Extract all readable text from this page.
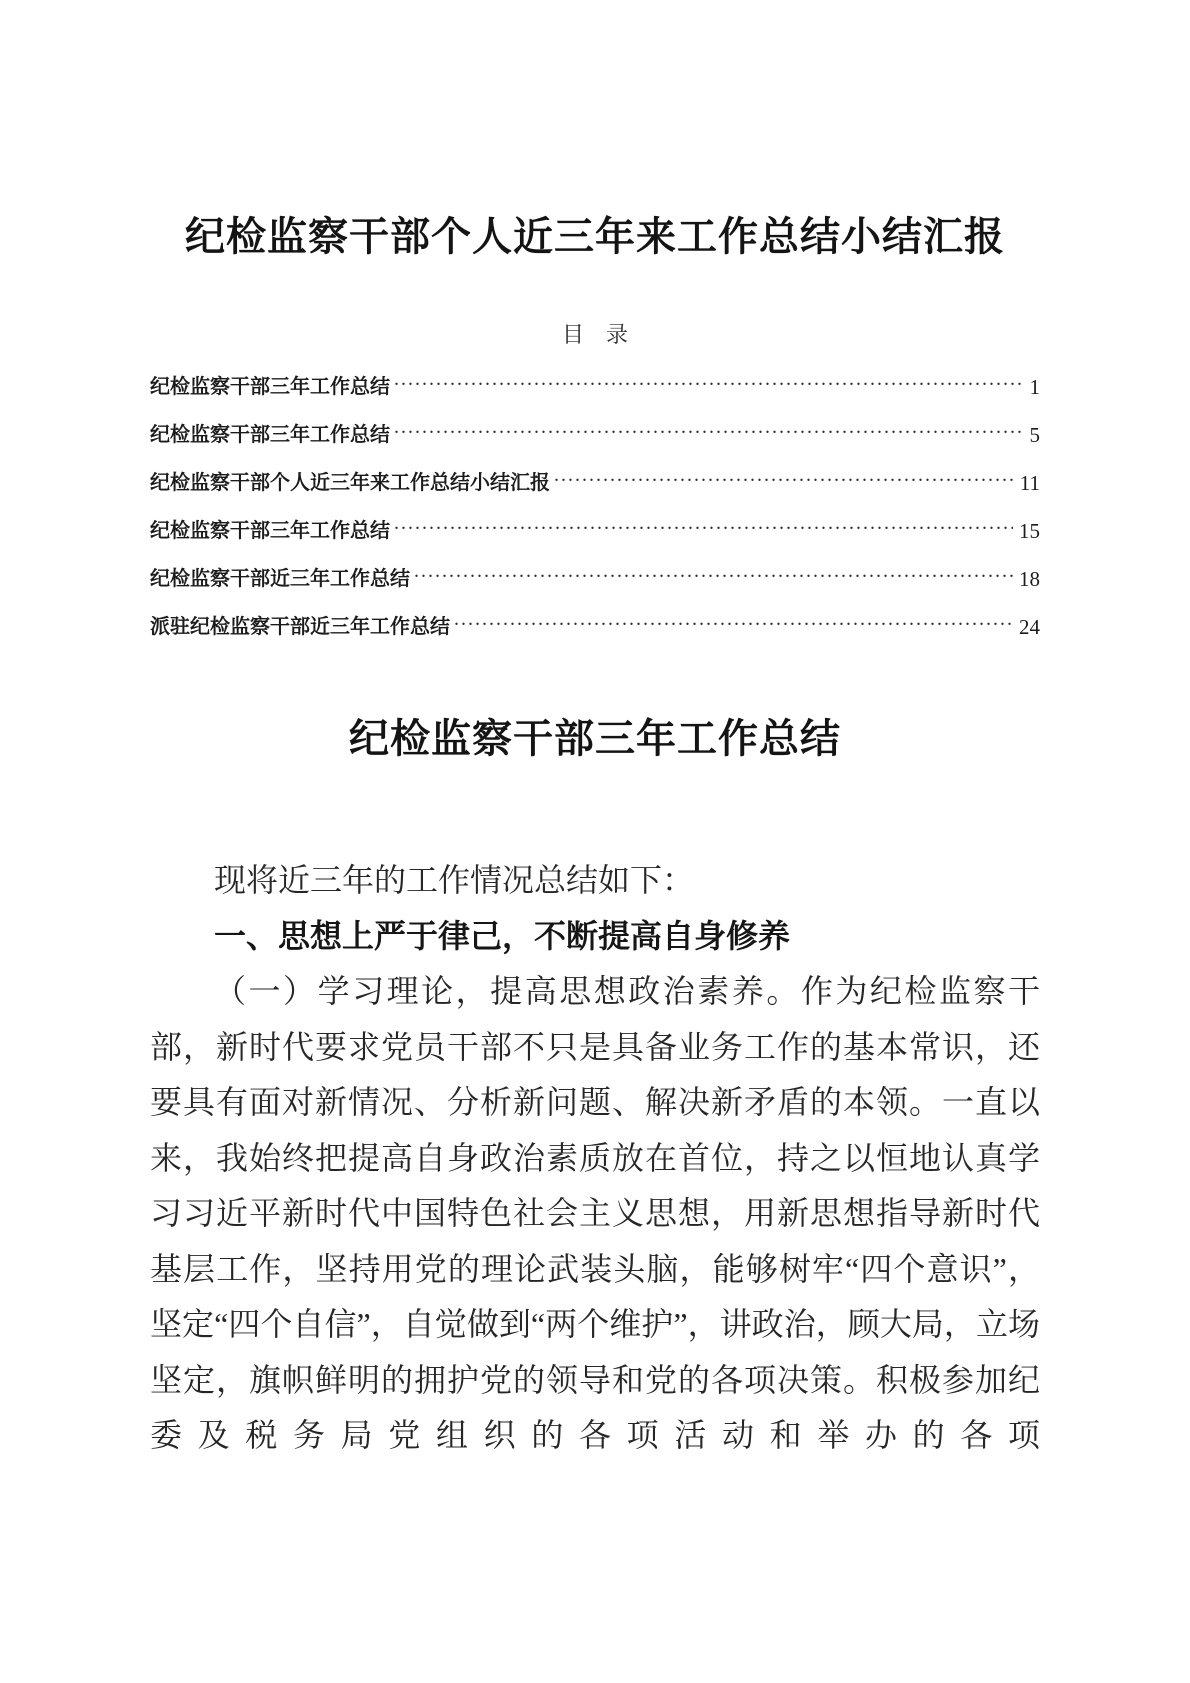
纪检监察干部个人近三年来工作总结小结汇报
目　录
纪检监察干部三年工作总结 .....	1
纪检监察干部三年工作总结 .....	5
纪检监察干部个人近三年来工作总结小结汇报 .....	11
纪检监察干部三年工作总结 .....	15
纪检监察干部近三年工作总结 .....	18
派驻纪检监察干部近三年工作总结 .....	24
纪检监察干部三年工作总结

现将近三年的工作情况总结如下：

一、思想上严于律己，不断提高自身修养

（一）学习理论，提高思想政治素养。作为纪检监察干部，新时代要求党员干部不只是具备业务工作的基本常识，还要具有面对新情况、分析新问题、解决新矛盾的本领。一直以来，我始终把提高自身政治素质放在首位，持之以恒地认真学习习近平新时代中国特色社会主义思想，用新思想指导新时代基层工作，坚持用党的理论武装头脑，能够树牢“四个意识”，坚定“四个自信”，自觉做到“两个维护”，讲政治，顾大局，立场坚定，旗帜鲜明的拥护党的领导和党的各项决策。积极参加纪委及税务局党组织的各项活动和举办的各项
